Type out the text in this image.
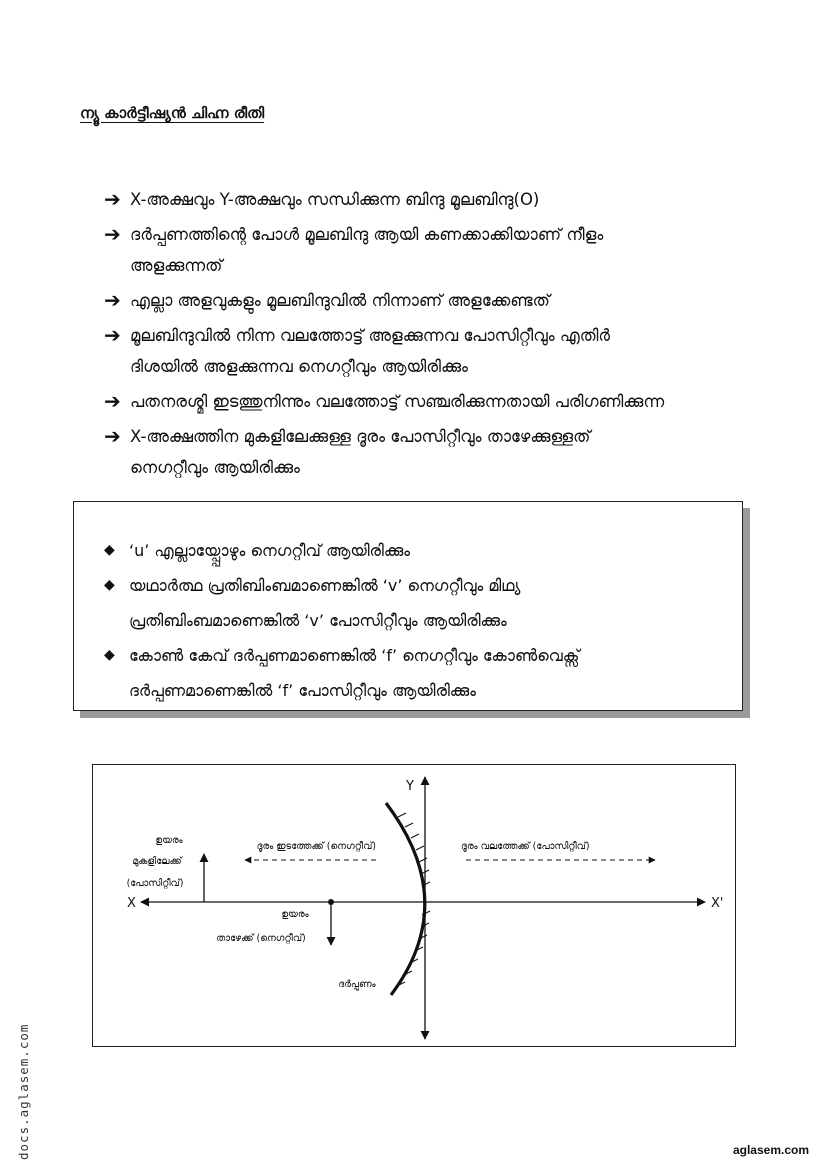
ന്യൂ കാർട്ടീഷ്യൻ ചിഹ്ന രീതി
➔ X-അക്ഷവും Y-അക്ഷവും സന്ധിക്കുന്ന ബിന്ദു മൂലബിന്ദു(O)
➔ ദർപ്പണത്തിന്റെ പോൾ മൂലബിന്ദു ആയി കണക്കാക്കിയാണ് നീളം
അളക്കുന്നത്
➔ എല്ലാ അളവുകളും മൂലബിന്ദുവിൽ നിന്നാണ് അളക്കേണ്ടത്
➔ മൂലബിന്ദുവിൽ നിന്ന വലത്തോട്ട് അളക്കുന്നവ പോസിറ്റീവും എതിർ
ദിശയിൽ അളക്കുന്നവ നെഗറ്റീവും ആയിരിക്കും
➔ പതനരശ്മി ഇടത്തുനിന്നും വലത്തോട്ട് സഞ്ചരിക്കുന്നതായി പരിഗണിക്കുന്ന
➔ X-അക്ഷത്തിന മുകളിലേക്കുള്ള ദൂരം പോസിറ്റീവും താഴേക്കുള്ളത്
നെഗറ്റീവും ആയിരിക്കും
◆ ‘u’ എല്ലായ്പ്പോഴും നെഗറ്റീവ് ആയിരിക്കും
◆ യഥാർത്ഥ പ്രതിബിംബമാണെങ്കിൽ ‘v’ നെഗറ്റീവും മിഥ്യ
പ്രതിബിംബമാണെങ്കിൽ ‘v’ പോസിറ്റീവും ആയിരിക്കും
◆ കോൺ കേവ് ദർപ്പണമാണെങ്കിൽ ‘f’ നെഗറ്റീവും കോൺവെക്സ്
ദർപ്പണമാണെങ്കിൽ ‘f’ പോസിറ്റീവും ആയിരിക്കും
Y
X	X'
ദൂരം ഇടത്തേക്ക് (നെഗറ്റീവ്)	ദൂരം വലത്തേക്ക് (പോസിറ്റീവ്)
ഉയരം
മുകളിലേക്ക്
(പോസിറ്റീവ്)
ഉയരം
താഴേക്ക് (നെഗറ്റീവ്)
ദർപ്പണം
docs.aglasem.com	aglasem.com
